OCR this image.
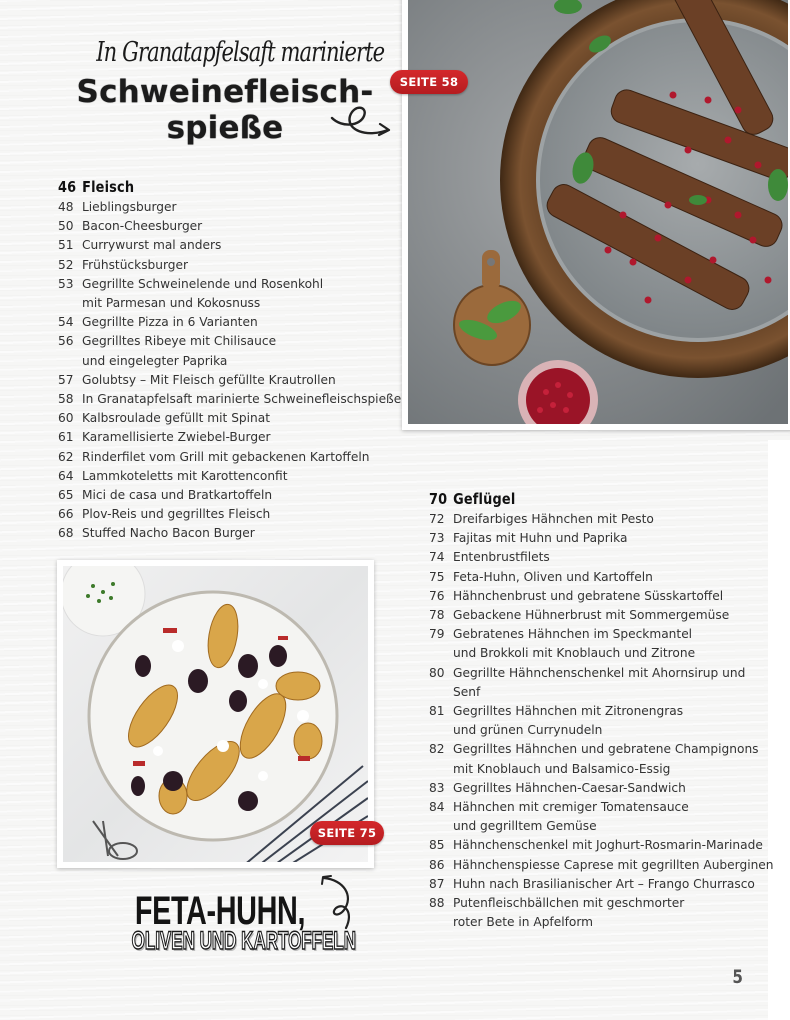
In Granatapfelsaft marinierte
Schweinefleisch-
spieße
SEITE 58
46 Fleisch
48 Lieblingsburger
50 Bacon-Cheesburger
51 Currywurst mal anders
52 Frühstücksburger
53 Gegrillte Schweinelende und Rosenkohl
mit Parmesan und Kokosnuss
54 Gegrillte Pizza in 6 Varianten
56 Gegrilltes Ribeye mit Chilisauce
und eingelegter Paprika
57 Golubtsy – Mit Fleisch gefüllte Krautrollen
58 In Granatapfelsaft marinierte Schweinefleischspieße
60 Kalbsroulade gefüllt mit Spinat
61 Karamellisierte Zwiebel-Burger
62 Rinderfilet vom Grill mit gebackenen Kartoffeln
64 Lammkoteletts mit Karottenconfit
65 Mici de casa und Bratkartoffeln
66 Plov-Reis und gegrilltes Fleisch
68 Stuffed Nacho Bacon Burger
SEITE 75
70 Geflügel
72 Dreifarbiges Hähnchen mit Pesto
73 Fajitas mit Huhn und Paprika
74 Entenbrustfilets
75 Feta-Huhn, Oliven und Kartoffeln
76 Hähnchenbrust und gebratene Süsskartoffel
78 Gebackene Hühnerbrust mit Sommergemüse
79 Gebratenes Hähnchen im Speckmantel
und Brokkoli mit Knoblauch und Zitrone
80 Gegrillte Hähnchenschenkel mit Ahornsirup und Senf
81 Gegrilltes Hähnchen mit Zitronengras
und grünen Currynudeln
82 Gegrilltes Hähnchen und gebratene Champignons
mit Knoblauch und Balsamico-Essig
83 Gegrilltes Hähnchen-Caesar-Sandwich
84 Hähnchen mit cremiger Tomatensauce
und gegrilltem Gemüse
85 Hähnchenschenkel mit Joghurt-Rosmarin-Marinade
86 Hähnchenspiesse Caprese mit gegrillten Auberginen
87 Huhn nach Brasilianischer Art – Frango Churrasco
88 Putenfleischbällchen mit geschmorter
roter Bete in Apfelform
FETA-HUHN,
OLIVEN UND KARTOFFELN
5
